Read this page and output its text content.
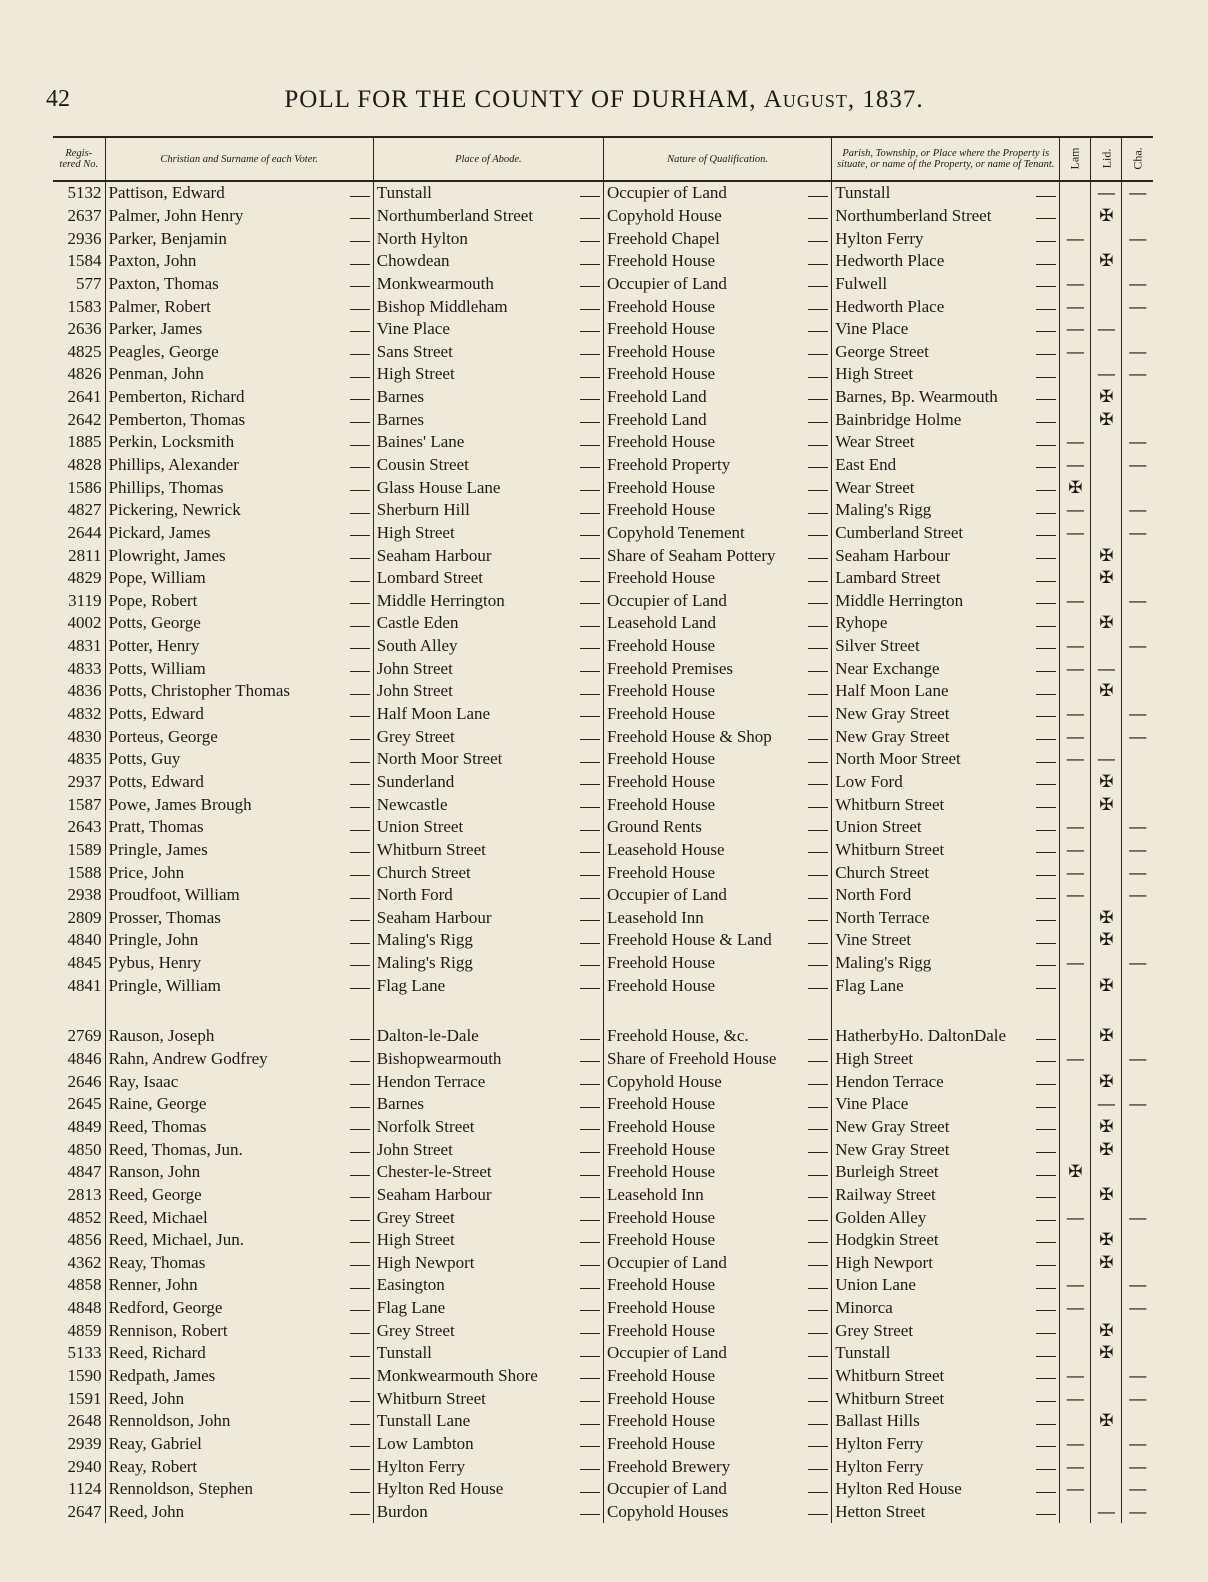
42	POLL FOR THE COUNTY OF DURHAM, August, 1837.
Regis-tered No.	Christian and Surname of each Voter.	Place of Abode.	Nature of Qualification.	Parish, Township, or Place where the Property is situate, or name of the Property, or name of Tenant.	Lam	Lid.	Cha.
5132	Pattison, Edward	Tunstall	Occupier of Land	Tunstall		—	—
2637	Palmer, John Henry	Northumberland Street	Copyhold House	Northumberland Street		✠	
2936	Parker, Benjamin	North Hylton	Freehold Chapel	Hylton Ferry	—		—
1584	Paxton, John	Chowdean	Freehold House	Hedworth Place		✠	
577	Paxton, Thomas	Monkwearmouth	Occupier of Land	Fulwell	—		—
1583	Palmer, Robert	Bishop Middleham	Freehold House	Hedworth Place	—		—
2636	Parker, James	Vine Place	Freehold House	Vine Place	—	—	
4825	Peagles, George	Sans Street	Freehold House	George Street	—		—
4826	Penman, John	High Street	Freehold House	High Street		—	—
2641	Pemberton, Richard	Barnes	Freehold Land	Barnes, Bp. Wearmouth		✠	
2642	Pemberton, Thomas	Barnes	Freehold Land	Bainbridge Holme		✠	
1885	Perkin, Locksmith	Baines' Lane	Freehold House	Wear Street	—		—
4828	Phillips, Alexander	Cousin Street	Freehold Property	East End	—		—
1586	Phillips, Thomas	Glass House Lane	Freehold House	Wear Street	✠		
4827	Pickering, Newrick	Sherburn Hill	Freehold House	Maling's Rigg	—		—
2644	Pickard, James	High Street	Copyhold Tenement	Cumberland Street	—		—
2811	Plowright, James	Seaham Harbour	Share of Seaham Pottery	Seaham Harbour		✠	
4829	Pope, William	Lombard Street	Freehold House	Lambard Street		✠	
3119	Pope, Robert	Middle Herrington	Occupier of Land	Middle Herrington	—		—
4002	Potts, George	Castle Eden	Leasehold Land	Ryhope		✠	
4831	Potter, Henry	South Alley	Freehold House	Silver Street	—		—
4833	Potts, William	John Street	Freehold Premises	Near Exchange	—	—	
4836	Potts, Christopher Thomas	John Street	Freehold House	Half Moon Lane		✠	
4832	Potts, Edward	Half Moon Lane	Freehold House	New Gray Street	—		—
4830	Porteus, George	Grey Street	Freehold House & Shop	New Gray Street	—		—
4835	Potts, Guy	North Moor Street	Freehold House	North Moor Street	—	—	
2937	Potts, Edward	Sunderland	Freehold House	Low Ford		✠	
1587	Powe, James Brough	Newcastle	Freehold House	Whitburn Street		✠	
2643	Pratt, Thomas	Union Street	Ground Rents	Union Street	—		—
1589	Pringle, James	Whitburn Street	Leasehold House	Whitburn Street	—		—
1588	Price, John	Church Street	Freehold House	Church Street	—		—
2938	Proudfoot, William	North Ford	Occupier of Land	North Ford	—		—
2809	Prosser, Thomas	Seaham Harbour	Leasehold Inn	North Terrace		✠	
4840	Pringle, John	Maling's Rigg	Freehold House & Land	Vine Street		✠	
4845	Pybus, Henry	Maling's Rigg	Freehold House	Maling's Rigg	—		—
4841	Pringle, William	Flag Lane	Freehold House	Flag Lane		✠	

2769	Rauson, Joseph	Dalton-le-Dale	Freehold House, &c.	HatherbyHo. DaltonDale		✠	
4846	Rahn, Andrew Godfrey	Bishopwearmouth	Share of Freehold House	High Street	—		—
2646	Ray, Isaac	Hendon Terrace	Copyhold House	Hendon Terrace		✠	
2645	Raine, George	Barnes	Freehold House	Vine Place		—	—
4849	Reed, Thomas	Norfolk Street	Freehold House	New Gray Street		✠	
4850	Reed, Thomas, Jun.	John Street	Freehold House	New Gray Street		✠	
4847	Ranson, John	Chester-le-Street	Freehold House	Burleigh Street	✠		
2813	Reed, George	Seaham Harbour	Leasehold Inn	Railway Street		✠	
4852	Reed, Michael	Grey Street	Freehold House	Golden Alley	—		—
4856	Reed, Michael, Jun.	High Street	Freehold House	Hodgkin Street		✠	
4362	Reay, Thomas	High Newport	Occupier of Land	High Newport		✠	
4858	Renner, John	Easington	Freehold House	Union Lane	—		—
4848	Redford, George	Flag Lane	Freehold House	Minorca	—		—
4859	Rennison, Robert	Grey Street	Freehold House	Grey Street		✠	
5133	Reed, Richard	Tunstall	Occupier of Land	Tunstall		✠	
1590	Redpath, James	Monkwearmouth Shore	Freehold House	Whitburn Street	—		—
1591	Reed, John	Whitburn Street	Freehold House	Whitburn Street	—		—
2648	Rennoldson, John	Tunstall Lane	Freehold House	Ballast Hills		✠	
2939	Reay, Gabriel	Low Lambton	Freehold House	Hylton Ferry	—		—
2940	Reay, Robert	Hylton Ferry	Freehold Brewery	Hylton Ferry	—		—
1124	Rennoldson, Stephen	Hylton Red House	Occupier of Land	Hylton Red House	—		—
2647	Reed, John	Burdon	Copyhold Houses	Hetton Street		—	—
